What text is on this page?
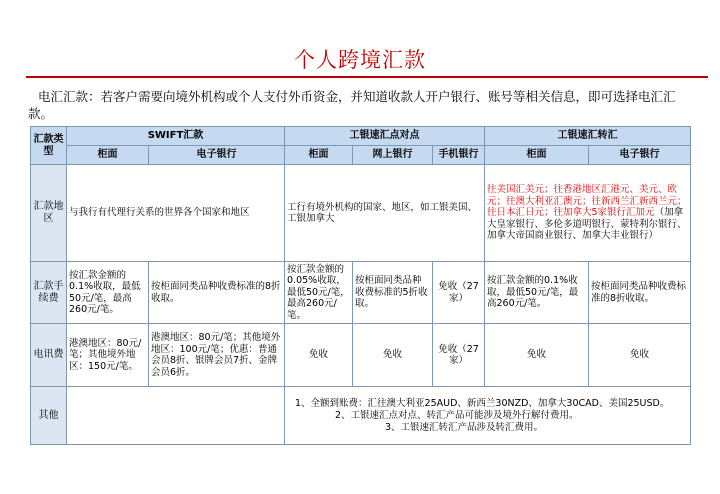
个人跨境汇款
电汇汇款：若客户需要向境外机构或个人支付外币资金，并知道收款人开户银行、账号等相关信息，即可选择电汇汇款。
汇款类型	SWIFT汇款		工银速汇点对点			工银速汇转汇	
	柜面	电子银行	柜面	网上银行	手机银行	柜面	电子银行
汇款地区	与我行有代理行关系的世界各个国家和地区		工行有境外机构的国家、地区，如工银美国、工银加拿大			往美国汇美元；往香港地区汇港元、美元、欧元；往澳大利亚汇澳元；往新西兰汇新西兰元；往日本汇日元；往加拿大5家银行汇加元（加拿大皇家银行、多伦多道明银行、蒙特利尔银行、加拿大帝国商业银行、加拿大丰业银行）	
汇款手续费	按汇款金额的0.1%收取，最低50元/笔，最高260元/笔。	按柜面同类品种收费标准的8折收取。	按汇款金额的0.05%收取，最低50元/笔，最高260元/笔。	按柜面同类品种收费标准的5折收取。	免收（27家）	按汇款金额的0.1%收取，最低50元/笔，最高260元/笔。	按柜面同类品种收费标准的8折收取。
电讯费	港澳地区：80元/笔；其他境外地区：150元/笔。	港澳地区：80元/笔；其他境外地区：100元/笔；优惠：普通会员8折、银牌会员7折、金牌会员6折。	免收	免收	免收（27家）	免收	免收
其他			1、全额到账费：汇往澳大利亚25AUD、新西兰30NZD、加拿大30CAD、美国25USD。
2、工银速汇点对点、转汇产品可能涉及境外行解付费用。
3、工银速汇转汇产品涉及转汇费用。				
